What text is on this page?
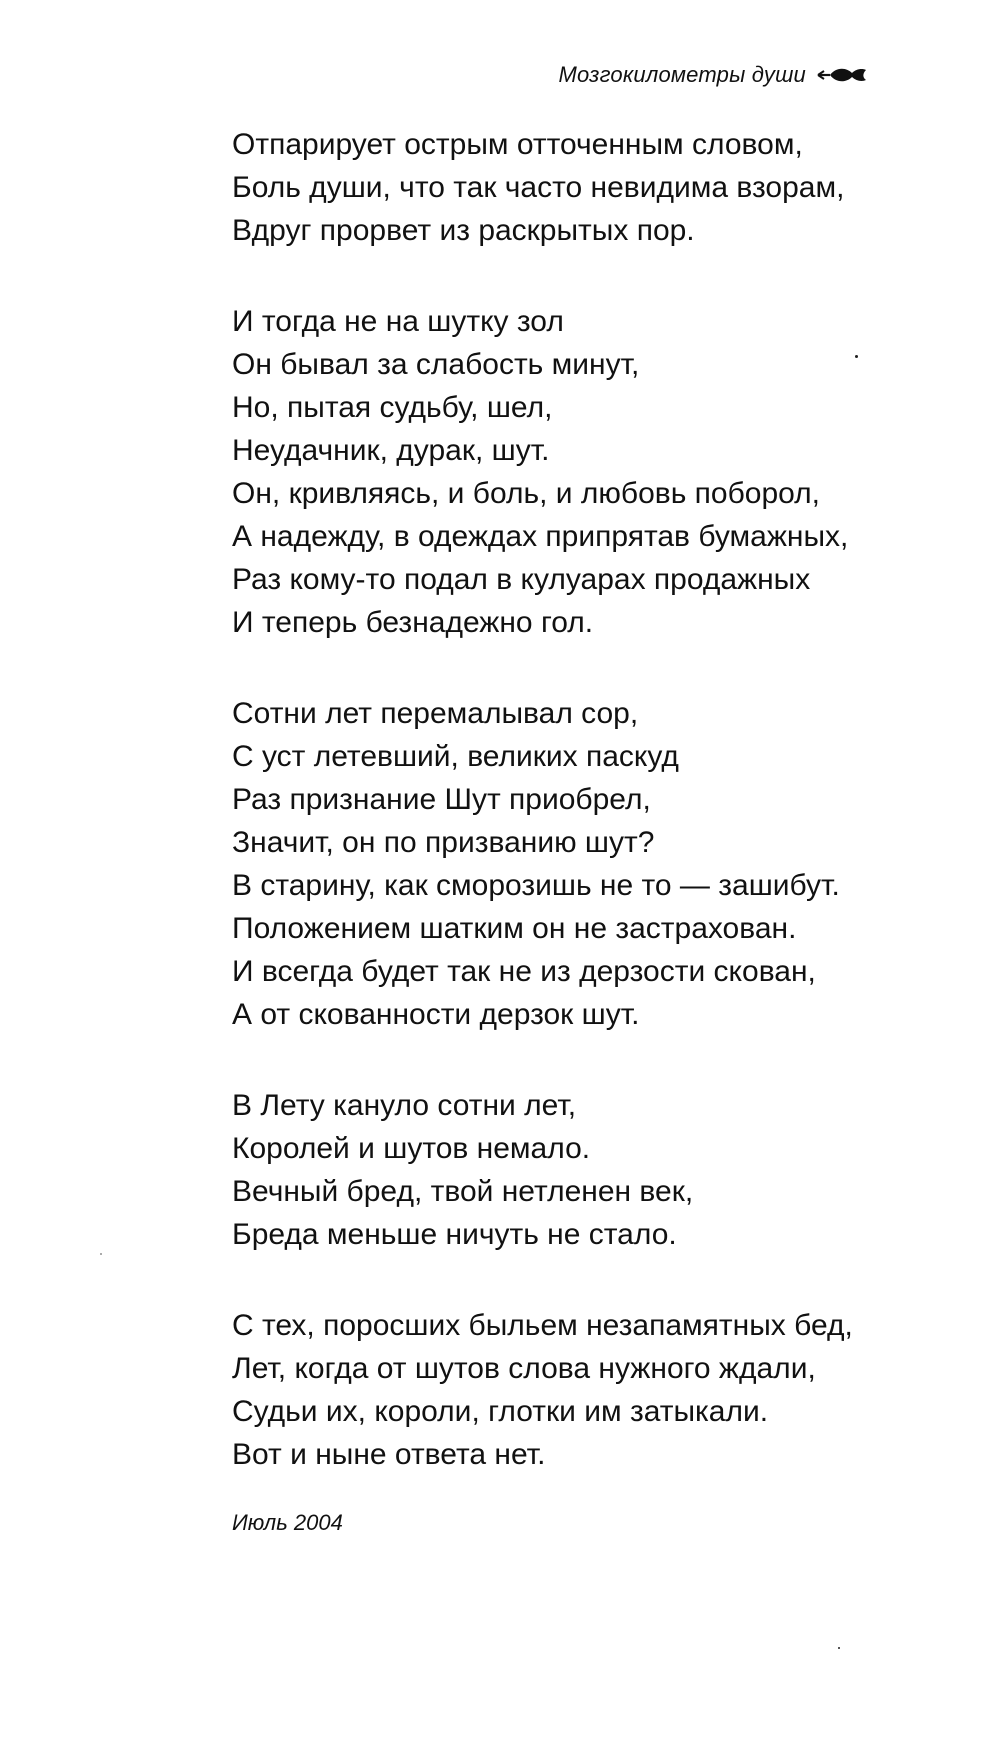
Мозгокилометры души
Отпарирует острым отточенным словом,
Боль души, что так часто невидима взорам,
Вдруг прорвет из раскрытых пор.
И тогда не на шутку зол
Он бывал за слабость минут,
Но, пытая судьбу, шел,
Неудачник, дурак, шут.
Он, кривляясь, и боль, и любовь поборол,
А надежду, в одеждах припрятав бумажных,
Раз кому-то подал в кулуарах продажных
И теперь безнадежно гол.
Сотни лет перемалывал сор,
С уст летевший, великих паскуд
Раз признание Шут приобрел,
Значит, он по призванию шут?
В старину, как сморозишь не то — зашибут.
Положением шатким он не застрахован.
И всегда будет так не из дерзости скован,
А от скованности дерзок шут.
В Лету кануло сотни лет,
Королей и шутов немало.
Вечный бред, твой нетленен век,
Бреда меньше ничуть не стало.
С тех, поросших быльем незапамятных бед,
Лет, когда от шутов слова нужного ждали,
Судьи их, короли, глотки им затыкали.
Вот и ныне ответа нет.
Июль 2004
